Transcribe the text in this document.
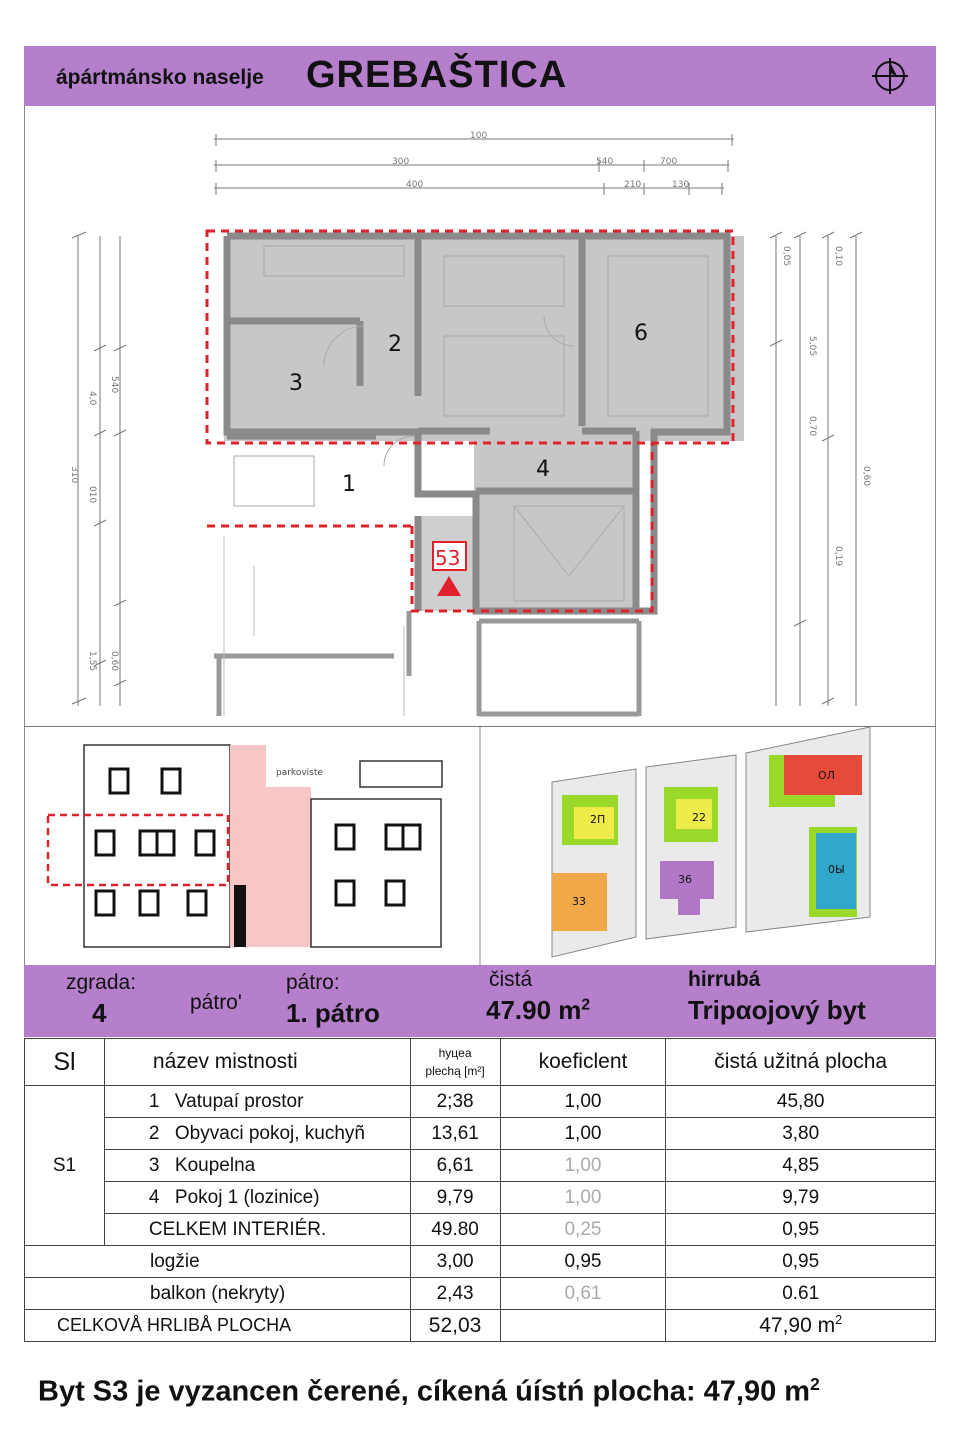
ápártmánsko naselje GREBAŠTICA
100
300	540	700
400	210	130
310
4,0
010
540
1,55 0,60
0,05
5,05
0,70
0,10
0,19
0,60
1
2
3
4
6
53
parkoviste
2П	22
ОЛ
36
33
0Ы
zgrada:
4	pátro'
pátro:
1. pátro
čistá
47.90 $m^2$
hirrubá
Tripαojový byt
Sl	název mistnosti	hyцea
plechą [m²]	koeficlent	čistá užitná plocha
S1	1 Vatupaí prostor	2;38	1,00	45,80
	2 Obyvaci pokoj, kuchyñ	13,61	1,00	3,80
	3 Koupelna	6,61	1,00	4,85
	4 Pokoj 1 (lozinice)	9,79	1,00	9,79
	CELKEM INTERIÉR.	49.80	0,25	0,95
logžie		3,00	0,95	0,95
balkon (nekryty)		2,43	0,61	0.61
CELKOVÅ HRLIBÅ PLOCHA		52,03		47,90 $m^2$
Byt S3 je vyzancen čerené, cíkená úístń plocha: 47,90 $m^2$
